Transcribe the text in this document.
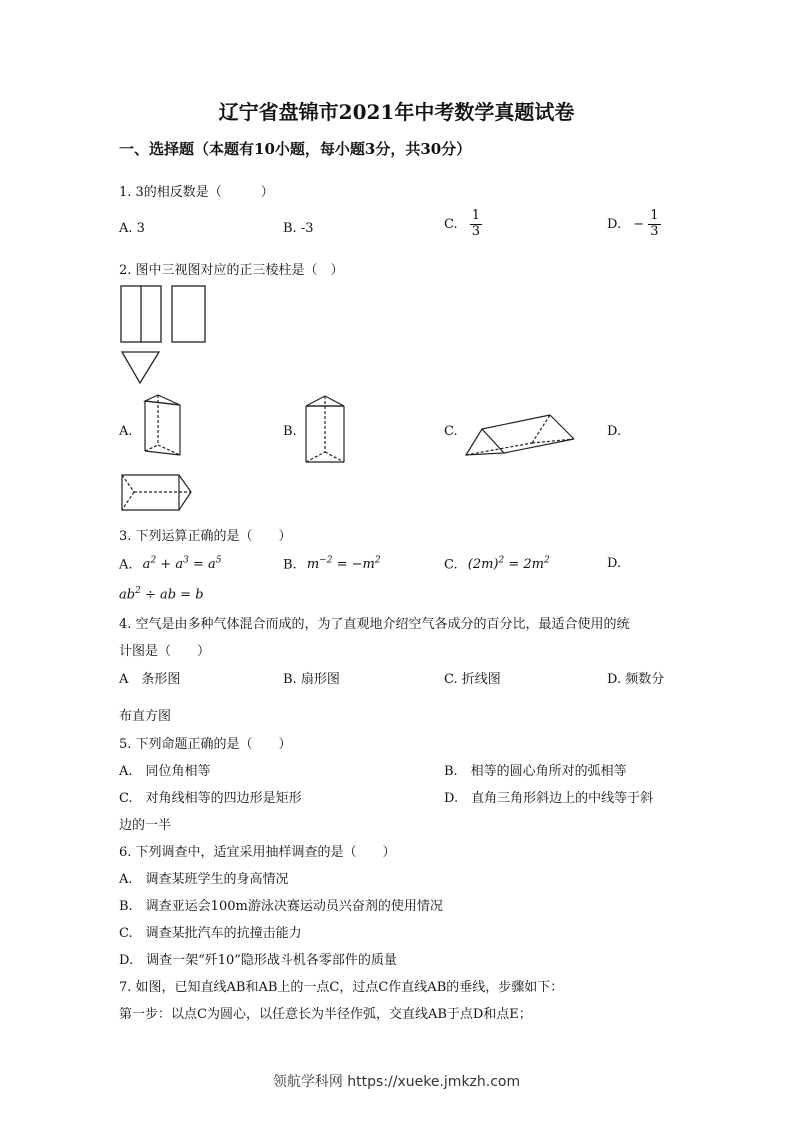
辽宁省盘锦市2021年中考数学真题试卷
一、选择题（本题有10小题，每小题3分，共30分）
1. 3的相反数是（　　　）
A. 3	B. -3	C. $\frac{1}{3}$	D. − $\frac{1}{3}$
2. 图中三视图对应的正三棱柱是（　）
A.	B.	C.	D.
3. 下列运算正确的是（　　）
A. $a^2 + a^3 = a^5$	B. $m^{-2} = -m^2$	C. $(2m)^2 = 2m^2$	D.
$ab^2$ ÷ ab = b
4. 空气是由多种气体混合而成的，为了直观地介绍空气各成分的百分比，最适合使用的统
计图是（　　）
A　条形图	B. 扇形图	C. 折线图	D. 频数分
布直方图
5. 下列命题正确的是（　　）
A.　同位角相等	B.　相等的圆心角所对的弧相等
C.　对角线相等的四边形是矩形	D.　直角三角形斜边上的中线等于斜
边的一半
6. 下列调查中，适宜采用抽样调查的是（　　）
A.　调查某班学生的身高情况
B.　调查亚运会100m游泳决赛运动员兴奋剂的使用情况
C.　调查某批汽车的抗撞击能力
D.　调查一架“歼10”隐形战斗机各零部件的质量
7. 如图，已知直线AB和AB上的一点C，过点C作直线AB的垂线，步骤如下：
第一步：以点C为圆心，以任意长为半径作弧，交直线AB于点D和点E；
领航学科网 https://xueke.jmkzh.com
